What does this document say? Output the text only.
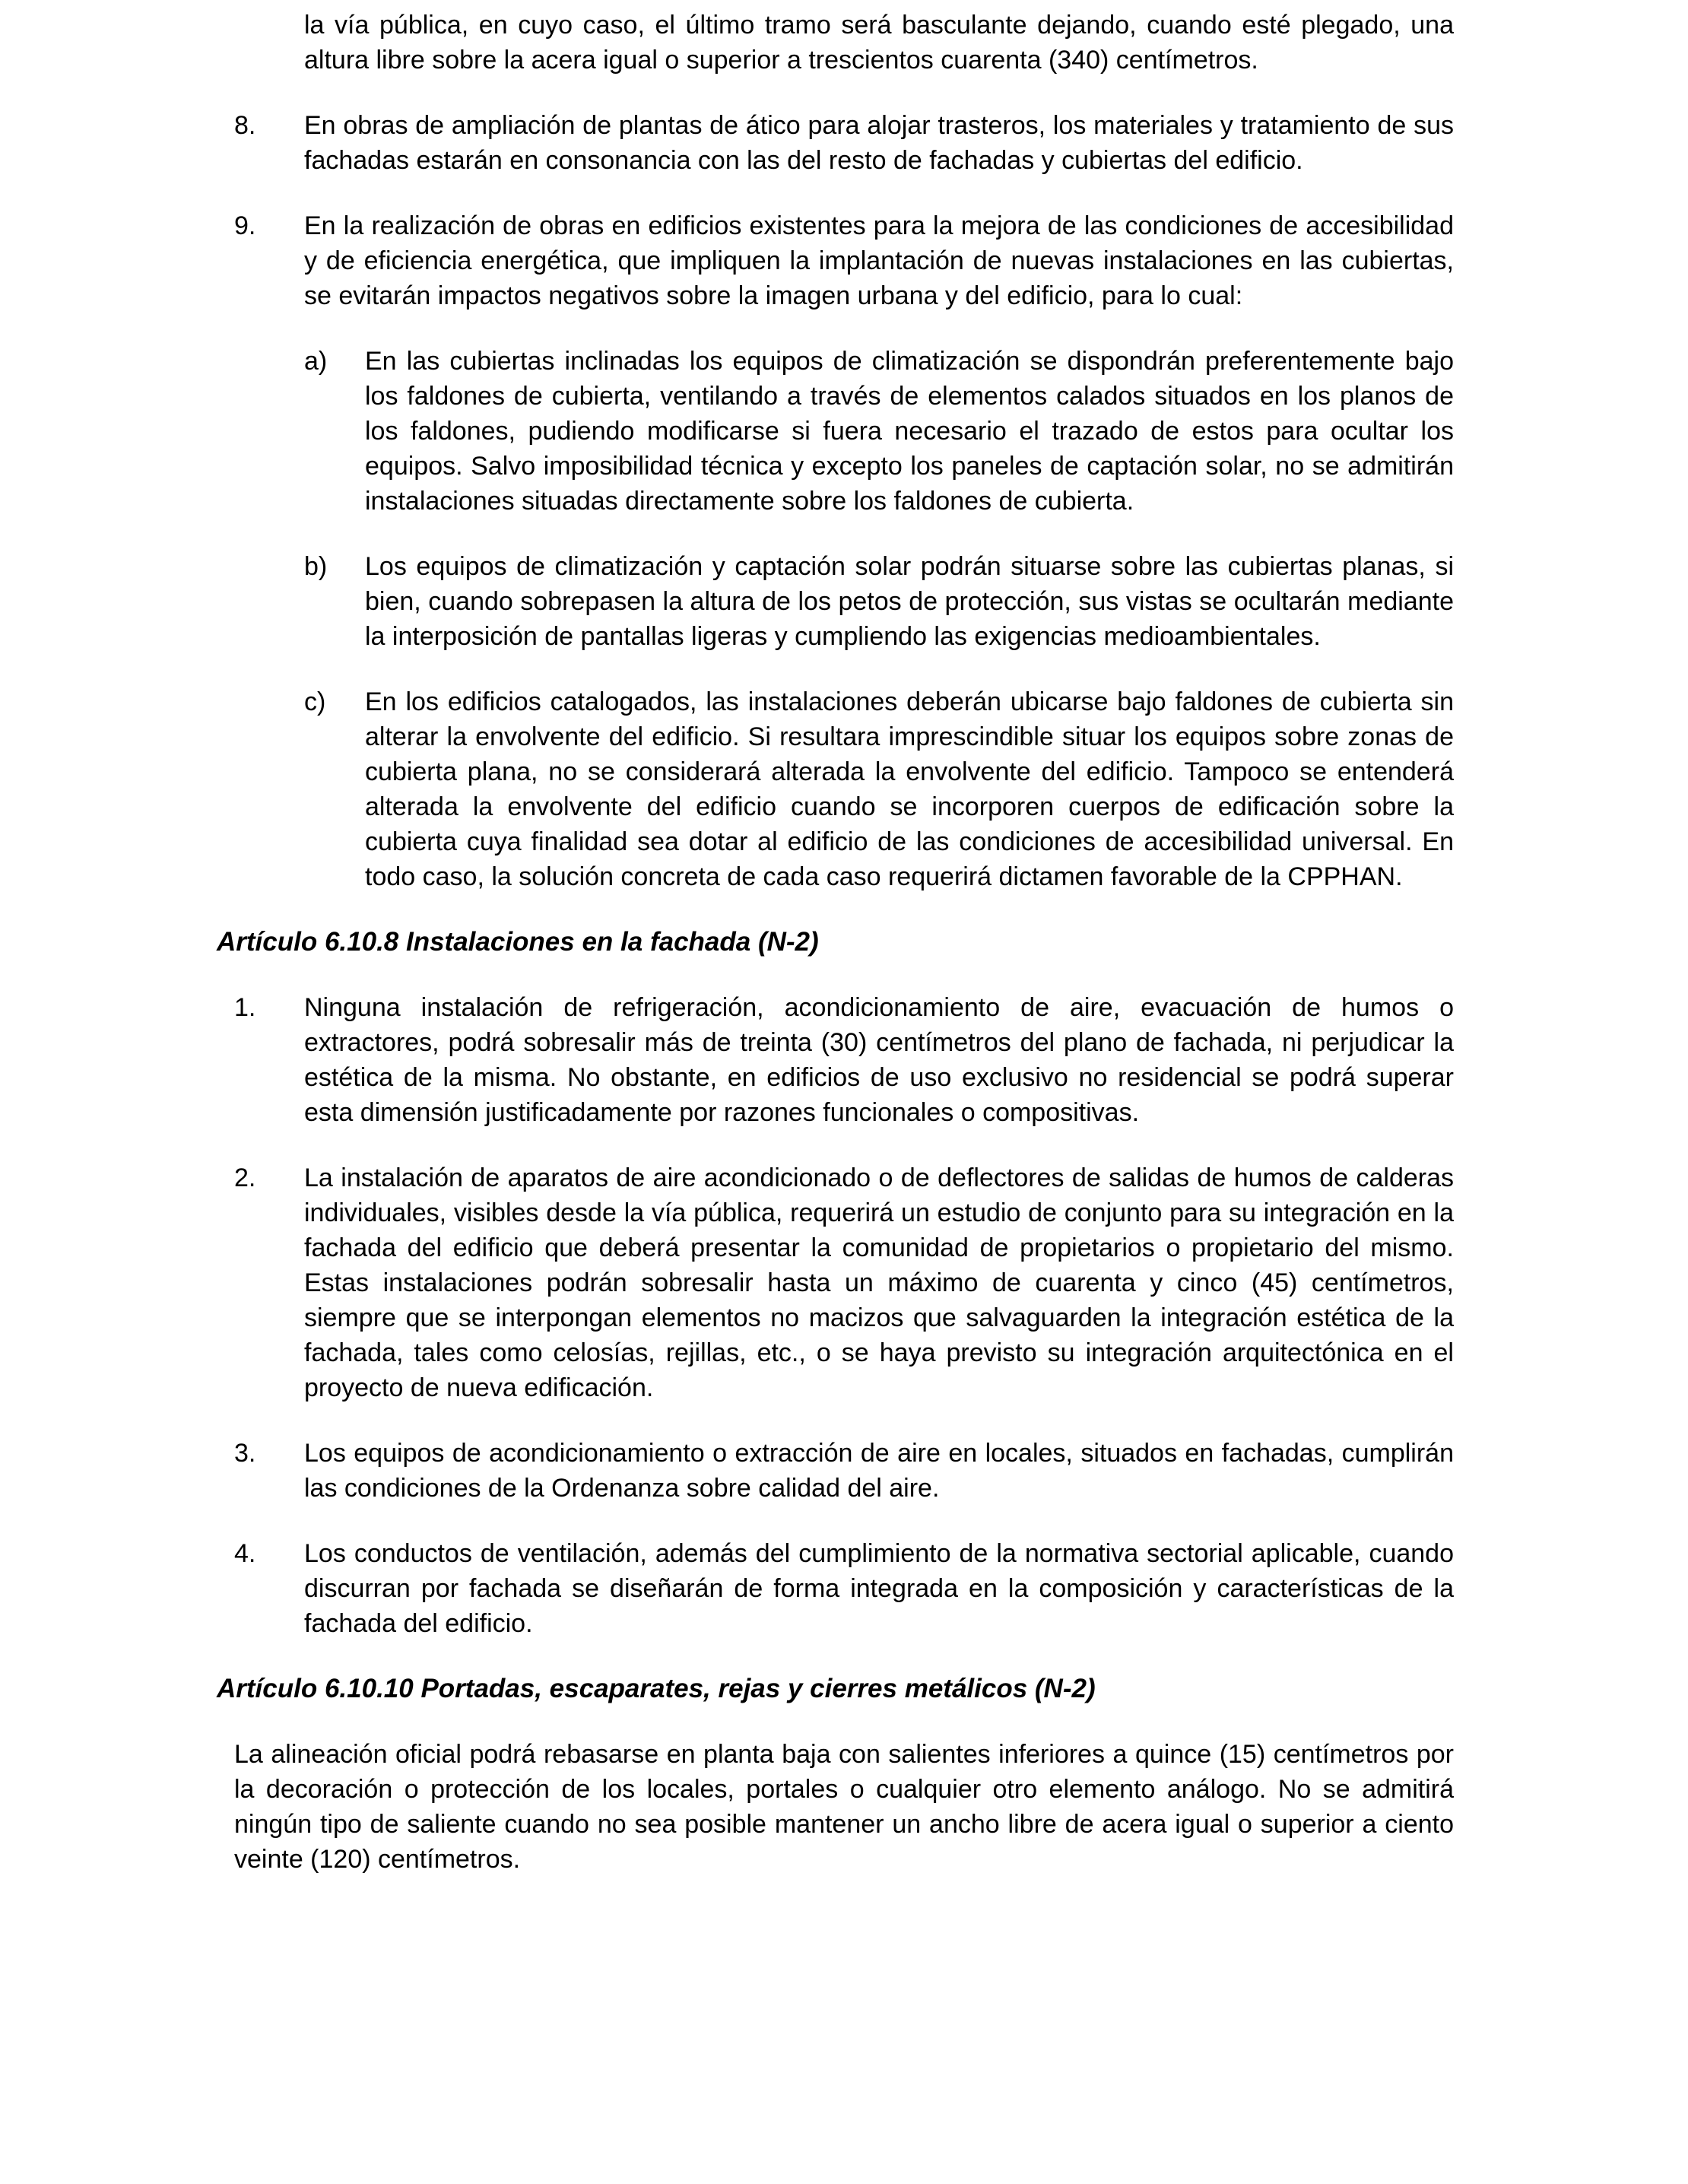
la vía pública, en cuyo caso, el último tramo será basculante dejando, cuando esté plegado, una altura libre sobre la acera igual o superior a trescientos cuarenta (340) centímetros.

8.	En obras de ampliación de plantas de ático para alojar trasteros, los materiales y tratamiento de sus fachadas estarán en consonancia con las del resto de fachadas y cubiertas del edificio.

9.	En la realización de obras en edificios existentes para la mejora de las condiciones de accesibilidad y de eficiencia energética, que impliquen la implantación de nuevas instalaciones en las cubiertas, se evitarán impactos negativos sobre la imagen urbana y del edificio, para lo cual:

a)	En las cubiertas inclinadas los equipos de climatización se dispondrán preferentemente bajo los faldones de cubierta, ventilando a través de elementos calados situados en los planos de los faldones, pudiendo modificarse si fuera necesario el trazado de estos para ocultar los equipos. Salvo imposibilidad técnica y excepto los paneles de captación solar, no se admitirán instalaciones situadas directamente sobre los faldones de cubierta.

b)	Los equipos de climatización y captación solar podrán situarse sobre las cubiertas planas, si bien, cuando sobrepasen la altura de los petos de protección, sus vistas se ocultarán mediante la interposición de pantallas ligeras y cumpliendo las exigencias medioambientales.

c)	En los edificios catalogados, las instalaciones deberán ubicarse bajo faldones de cubierta sin alterar la envolvente del edificio. Si resultara imprescindible situar los equipos sobre zonas de cubierta plana, no se considerará alterada la envolvente del edificio. Tampoco se entenderá alterada la envolvente del edificio cuando se incorporen cuerpos de edificación sobre la cubierta cuya finalidad sea dotar al edificio de las condiciones de accesibilidad universal. En todo caso, la solución concreta de cada caso requerirá dictamen favorable de la CPPHAN.

Artículo 6.10.8 Instalaciones en la fachada (N-2)
1.	Ninguna instalación de refrigeración, acondicionamiento de aire, evacuación de humos o extractores, podrá sobresalir más de treinta (30) centímetros del plano de fachada, ni perjudicar la estética de la misma. No obstante, en edificios de uso exclusivo no residencial se podrá superar esta dimensión justificadamente por razones funcionales o compositivas.

2.	La instalación de aparatos de aire acondicionado o de deflectores de salidas de humos de calderas individuales, visibles desde la vía pública, requerirá un estudio de conjunto para su integración en la fachada del edificio que deberá presentar la comunidad de propietarios o propietario del mismo. Estas instalaciones podrán sobresalir hasta un máximo de cuarenta y cinco (45) centímetros, siempre que se interpongan elementos no macizos que salvaguarden la integración estética de la fachada, tales como celosías, rejillas, etc., o se haya previsto su integración arquitectónica en el proyecto de nueva edificación.

3.	Los equipos de acondicionamiento o extracción de aire en locales, situados en fachadas, cumplirán las condiciones de la Ordenanza sobre calidad del aire.

4.	Los conductos de ventilación, además del cumplimiento de la normativa sectorial aplicable, cuando discurran por fachada se diseñarán de forma integrada en la composición y características de la fachada del edificio.

Artículo 6.10.10 Portadas, escaparates, rejas y cierres metálicos (N-2)

La alineación oficial podrá rebasarse en planta baja con salientes inferiores a quince (15) centímetros por la decoración o protección de los locales, portales o cualquier otro elemento análogo. No se admitirá ningún tipo de saliente cuando no sea posible mantener un ancho libre de acera igual o superior a ciento veinte (120) centímetros.
